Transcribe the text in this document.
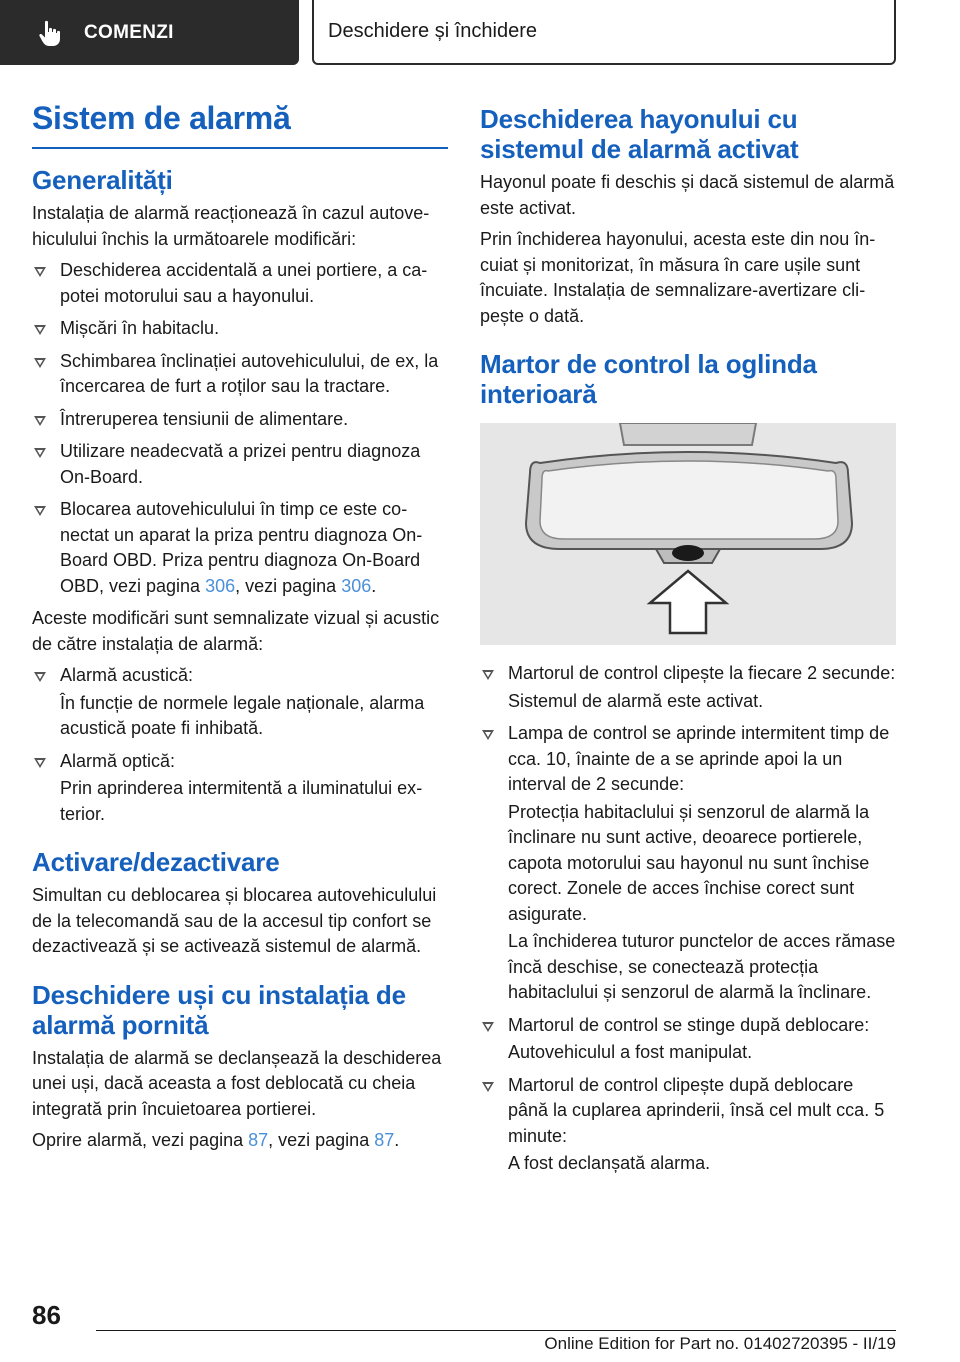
COMENZI	Deschidere și închidere
Sistem de alarmă
Generalități

Instalația de alarmă reacționează în cazul autovehiculului închis la următoarele modificări:

Deschiderea accidentală a unei portiere, a capotei motorului sau a hayonului.
Mișcări în habitaclu.
Schimbarea înclinației autovehiculului, de ex, la încercarea de furt a roților sau la tractare.
Întreruperea tensiunii de alimentare.
Utilizare neadecvată a prizei pentru diagnoza On-Board.
Blocarea autovehiculului în timp ce este conectat un aparat la priza pentru diagnoza On-Board OBD. Priza pentru diagnoza On-Board OBD, vezi pagina 306, vezi pagina 306.

Aceste modificări sunt semnalizate vizual și acustic de către instalația de alarmă:

Alarmă acustică:

În funcție de normele legale naționale, alarma acustică poate fi inhibată.

Alarmă optică:

Prin aprinderea intermitentă a iluminatului exterior.

Activare/dezactivare

Simultan cu deblocarea și blocarea autovehiculului de la telecomandă sau de la accesul tip confort se dezactivează și se activează sistemul de alarmă.

Deschidere uși cu instalația de alarmă pornită

Instalația de alarmă se declanșează la deschiderea unei uși, dacă aceasta a fost deblocată cu cheia integrată prin încuietoarea portierei.

Oprire alarmă, vezi pagina 87, vezi pagina 87.

Deschiderea hayonului cu sistemul de alarmă activat

Hayonul poate fi deschis și dacă sistemul de alarmă este activat.

Prin închiderea hayonului, acesta este din nou încuiat și monitorizat, în măsura în care ușile sunt încuiate. Instalația de semnalizare-avertizare clipește o dată.

Martor de control la oglinda interioară
Martorul de control clipește la fiecare 2 secunde:

Sistemul de alarmă este activat.

Lampa de control se aprinde intermitent timp de cca. 10, înainte de a se aprinde apoi la un interval de 2 secunde:

Protecția habitaclului și senzorul de alarmă la înclinare nu sunt active, deoarece portierele, capota motorului sau hayonul nu sunt închise corect. Zonele de acces închise corect sunt asigurate.

La închiderea tuturor punctelor de acces rămase încă deschise, se conectează protecția habitaclului și senzorul de alarmă la înclinare.

Martorul de control se stinge după deblocare:

Autovehiculul a fost manipulat.

Martorul de control clipește după deblocare până la cuplarea aprinderii, însă cel mult cca. 5 minute:

A fost declanșată alarma.

86
Online Edition for Part no. 01402720395 - II/19
